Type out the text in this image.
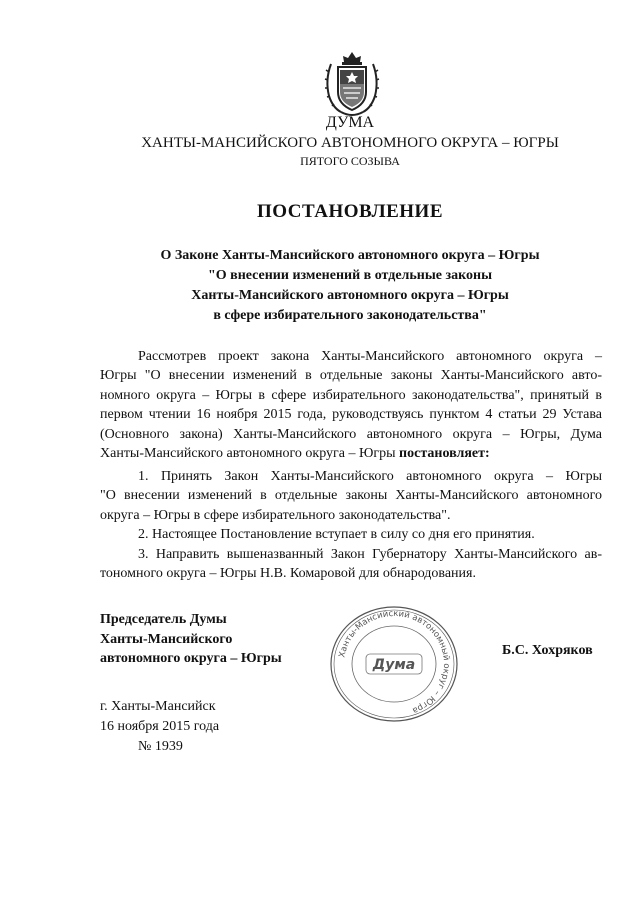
ДУМА
ХАНТЫ-МАНСИЙСКОГО АВТОНОМНОГО ОКРУГА – ЮГРЫ
ПЯТОГО СОЗЫВА
ПОСТАНОВЛЕНИЕ
О Законе Ханты-Мансийского автономного округа – Югры
"О внесении изменений в отдельные законы
Ханты-Мансийского автономного округа – Югры
в сфере избирательного законодательства"
Рассмотрев проект закона Ханты-Мансийского автономного округа –
Югры "О внесении изменений в отдельные законы Ханты-Мансийского авто-
номного округа – Югры в сфере избирательного законодательства", принятый в
первом чтении 16 ноября 2015 года, руководствуясь пунктом 4 статьи 29 Устава
(Основного закона) Ханты-Мансийского автономного округа – Югры, Дума
Ханты-Мансийского автономного округа – Югры постановляет:
1. Принять Закон Ханты-Мансийского автономного округа – Югры
"О внесении изменений в отдельные законы Ханты-Мансийского автономного
округа – Югры в сфере избирательного законодательства".
2. Настоящее Постановление вступает в силу со дня его принятия.
3. Направить вышеназванный Закон Губернатору Ханты-Мансийского ав-
тономного округа – Югры Н.В. Комаровой для обнародования.
Председатель Думы
Ханты-Мансийского
автономного округа – Югры	Ханты-Мансийский автономный округ – Югра
Дума
Б.С. Хохряков
г. Ханты-Мансийск
16 ноября 2015 года
№ 1939
